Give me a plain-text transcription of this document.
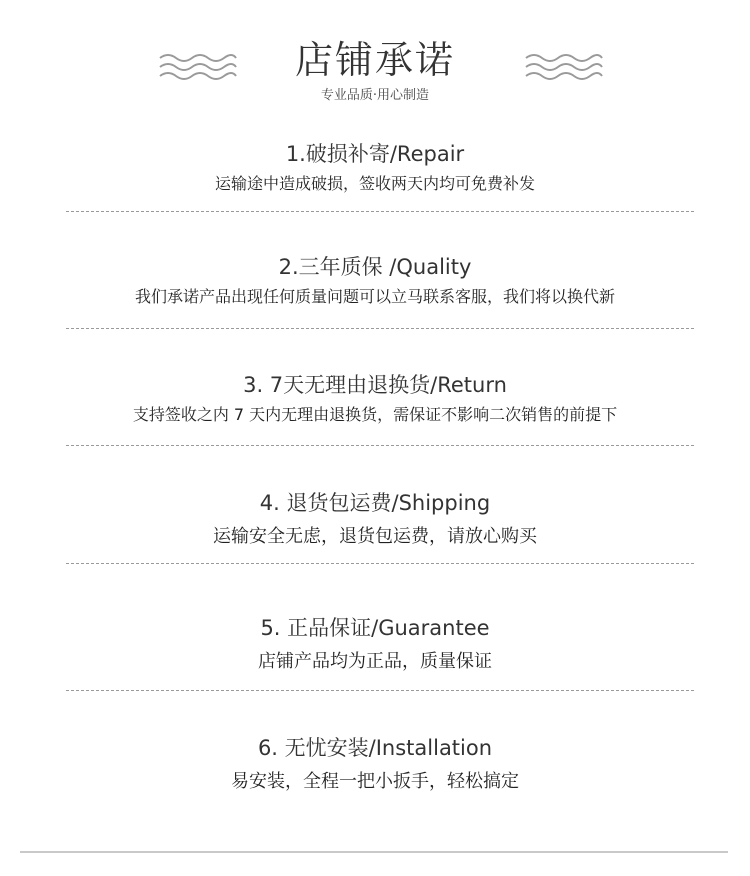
店铺承诺
专业品质·用心制造
1.破损补寄/Repair
运输途中造成破损，签收两天内均可免费补发
2.三年质保 /Quality
我们承诺产品出现任何质量问题可以立马联系客服，我们将以换代新
3. 7天无理由退换货/Return
支持签收之内 7 天内无理由退换货，需保证不影响二次销售的前提下
4. 退货包运费/Shipping
运输安全无虑，退货包运费，请放心购买
5. 正品保证/Guarantee
店铺产品均为正品，质量保证
6. 无忧安装/Installation
易安装，全程一把小扳手，轻松搞定
